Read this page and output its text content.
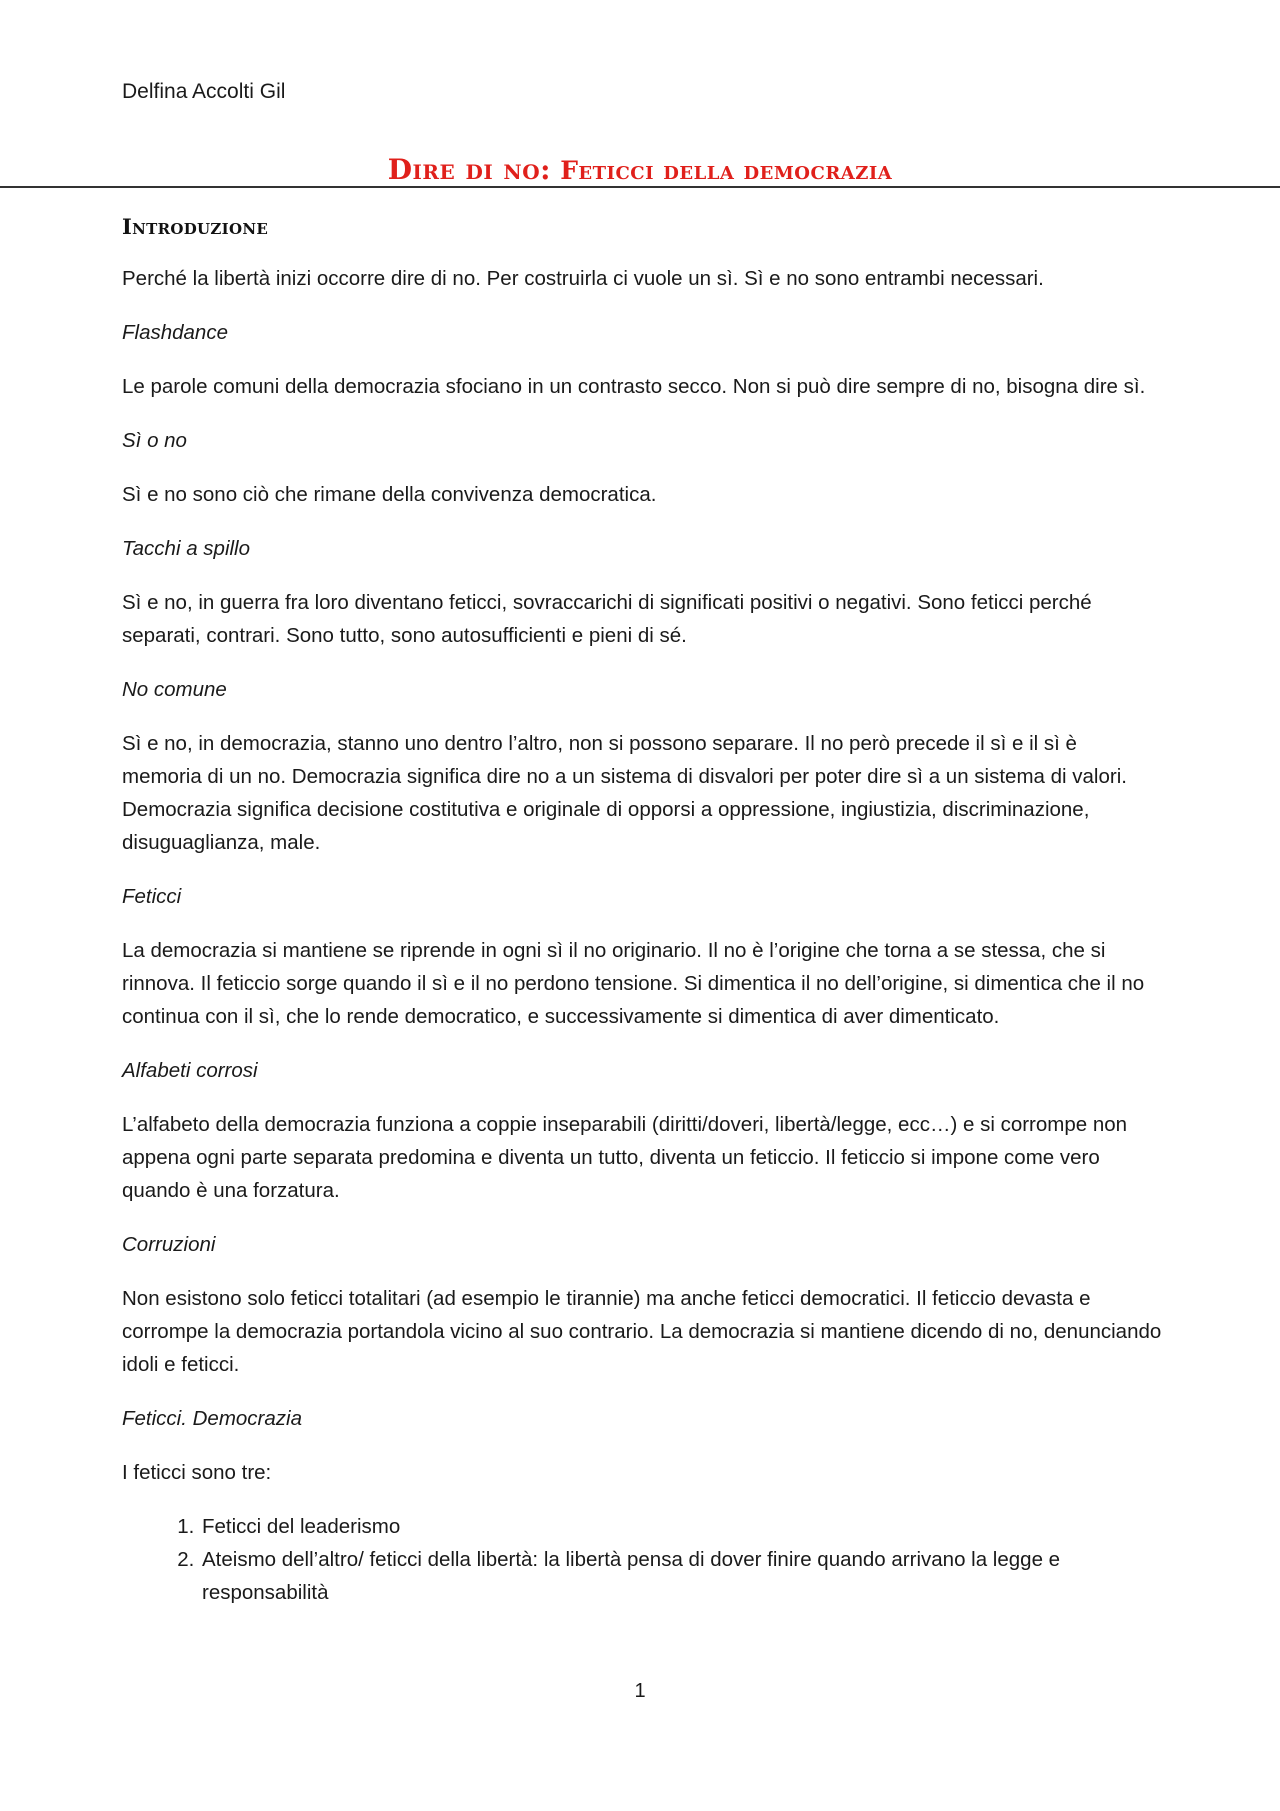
Delfina Accolti Gil
Dire di no: Feticci della democrazia
Introduzione

Perché la libertà inizi occorre dire di no. Per costruirla ci vuole un sì. Sì e no sono entrambi necessari.

Flashdance

Le parole comuni della democrazia sfociano in un contrasto secco. Non si può dire sempre di no, bisogna dire sì.

Sì o no

Sì e no sono ciò che rimane della convivenza democratica.

Tacchi a spillo

Sì e no, in guerra fra loro diventano feticci, sovraccarichi di significati positivi o negativi. Sono feticci perché separati, contrari. Sono tutto, sono autosufficienti e pieni di sé.

No comune

Sì e no, in democrazia, stanno uno dentro l’altro, non si possono separare. Il no però precede il sì e il sì è memoria di un no. Democrazia significa dire no a un sistema di disvalori per poter dire sì a un sistema di valori. Democrazia significa decisione costitutiva e originale di opporsi a oppressione, ingiustizia, discriminazione, disuguaglianza, male.

Feticci

La democrazia si mantiene se riprende in ogni sì il no originario. Il no è l’origine che torna a se stessa, che si rinnova. Il feticcio sorge quando il sì e il no perdono tensione. Si dimentica il no dell’origine, si dimentica che il no continua con il sì, che lo rende democratico, e successivamente si dimentica di aver dimenticato.

Alfabeti corrosi

L’alfabeto della democrazia funziona a coppie inseparabili (diritti/doveri, libertà/legge, ecc…) e si corrompe non appena ogni parte separata predomina e diventa un tutto, diventa un feticcio. Il feticcio si impone come vero quando è una forzatura.

Corruzioni

Non esistono solo feticci totalitari (ad esempio le tirannie) ma anche feticci democratici. Il feticcio devasta e corrompe la democrazia portandola vicino al suo contrario. La democrazia si mantiene dicendo di no, denunciando idoli e feticci.

Feticci. Democrazia

I feticci sono tre:

1. Feticci del leaderismo
2. Ateismo dell’altro/ feticci della libertà: la libertà pensa di dover finire quando arrivano la legge e responsabilità
1
